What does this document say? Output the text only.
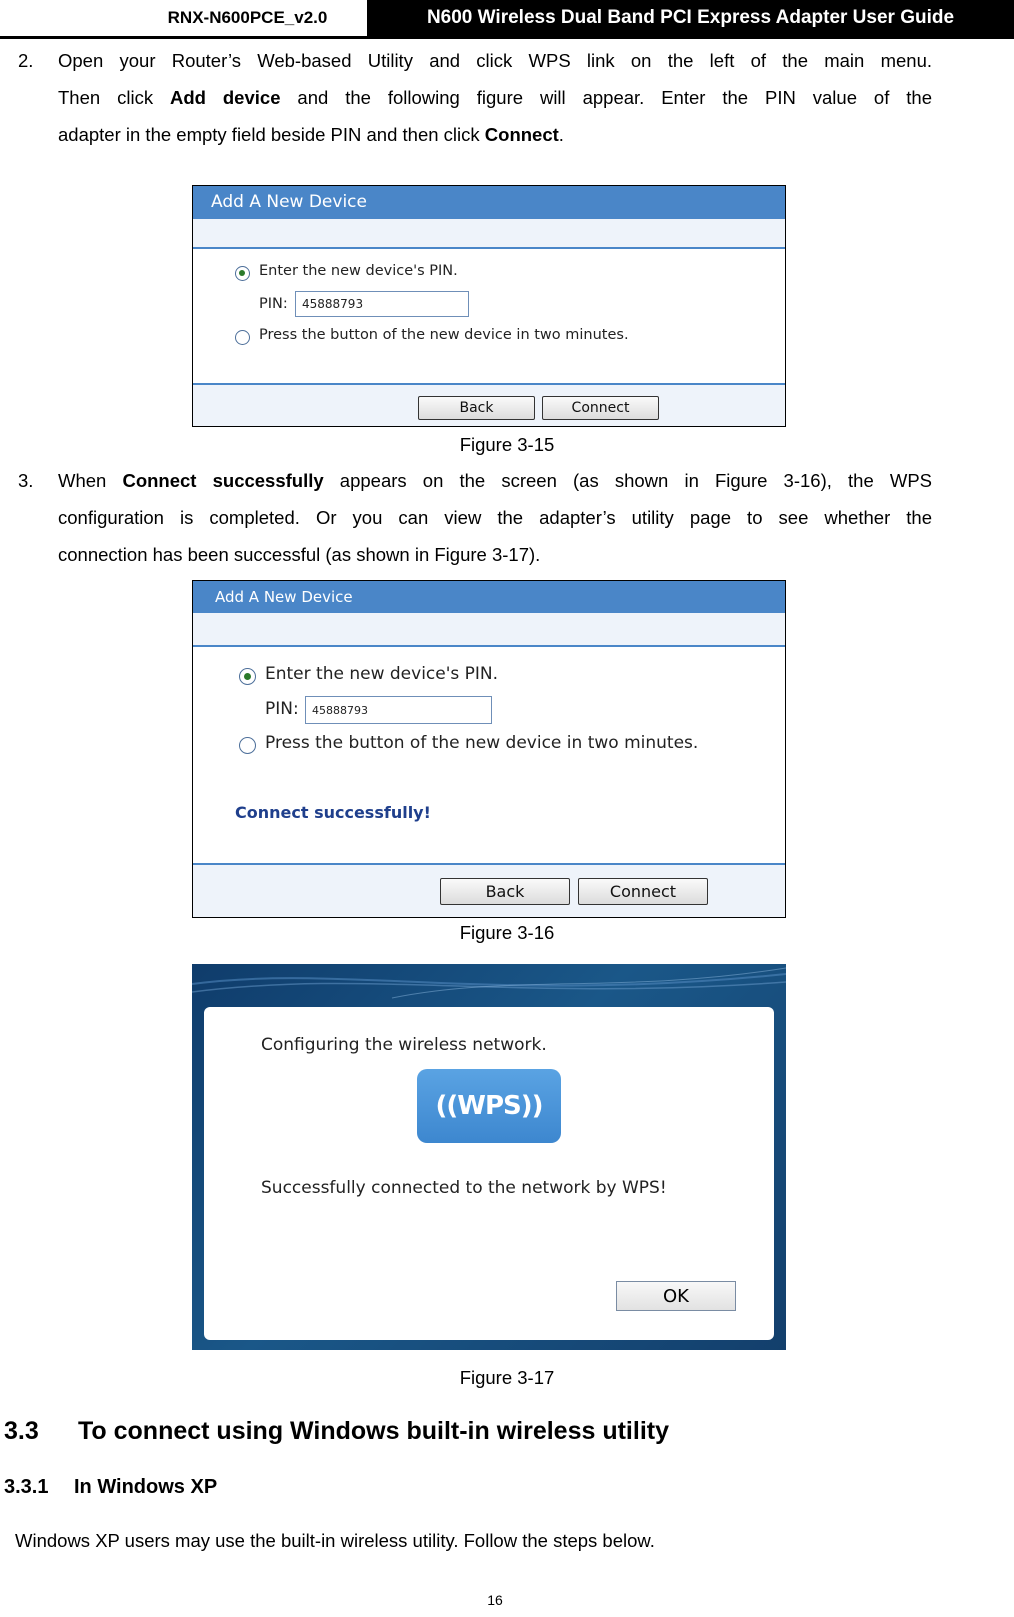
RNX-N600PCE_v2.0	N600 Wireless Dual Band PCI Express Adapter User Guide
2. Open your Router’s Web-based Utility and click WPS link on the left of the main menu.
Then click Add device and the following figure will appear. Enter the PIN value of the
adapter in the empty field beside PIN and then click Connect.
Add A New Device
Enter the new device's PIN.
PIN:	45888793
Press the button of the new device in two minutes.
Back	Connect
Figure 3-15
3. When Connect successfully appears on the screen (as shown in Figure 3-16), the WPS
configuration is completed. Or you can view the adapter’s utility page to see whether the
connection has been successful (as shown in Figure 3-17).
Add A New Device
Enter the new device's PIN.
PIN:	45888793
Press the button of the new device in two minutes.
Connect successfully!
Back	Connect
Figure 3-16
Configuring the wireless network.
((WPS))
Successfully connected to the network by WPS!
OK
Figure 3-17
3.3 To connect using Windows built-in wireless utility
3.3.1 In Windows XP
Windows XP users may use the built-in wireless utility. Follow the steps below.
16
